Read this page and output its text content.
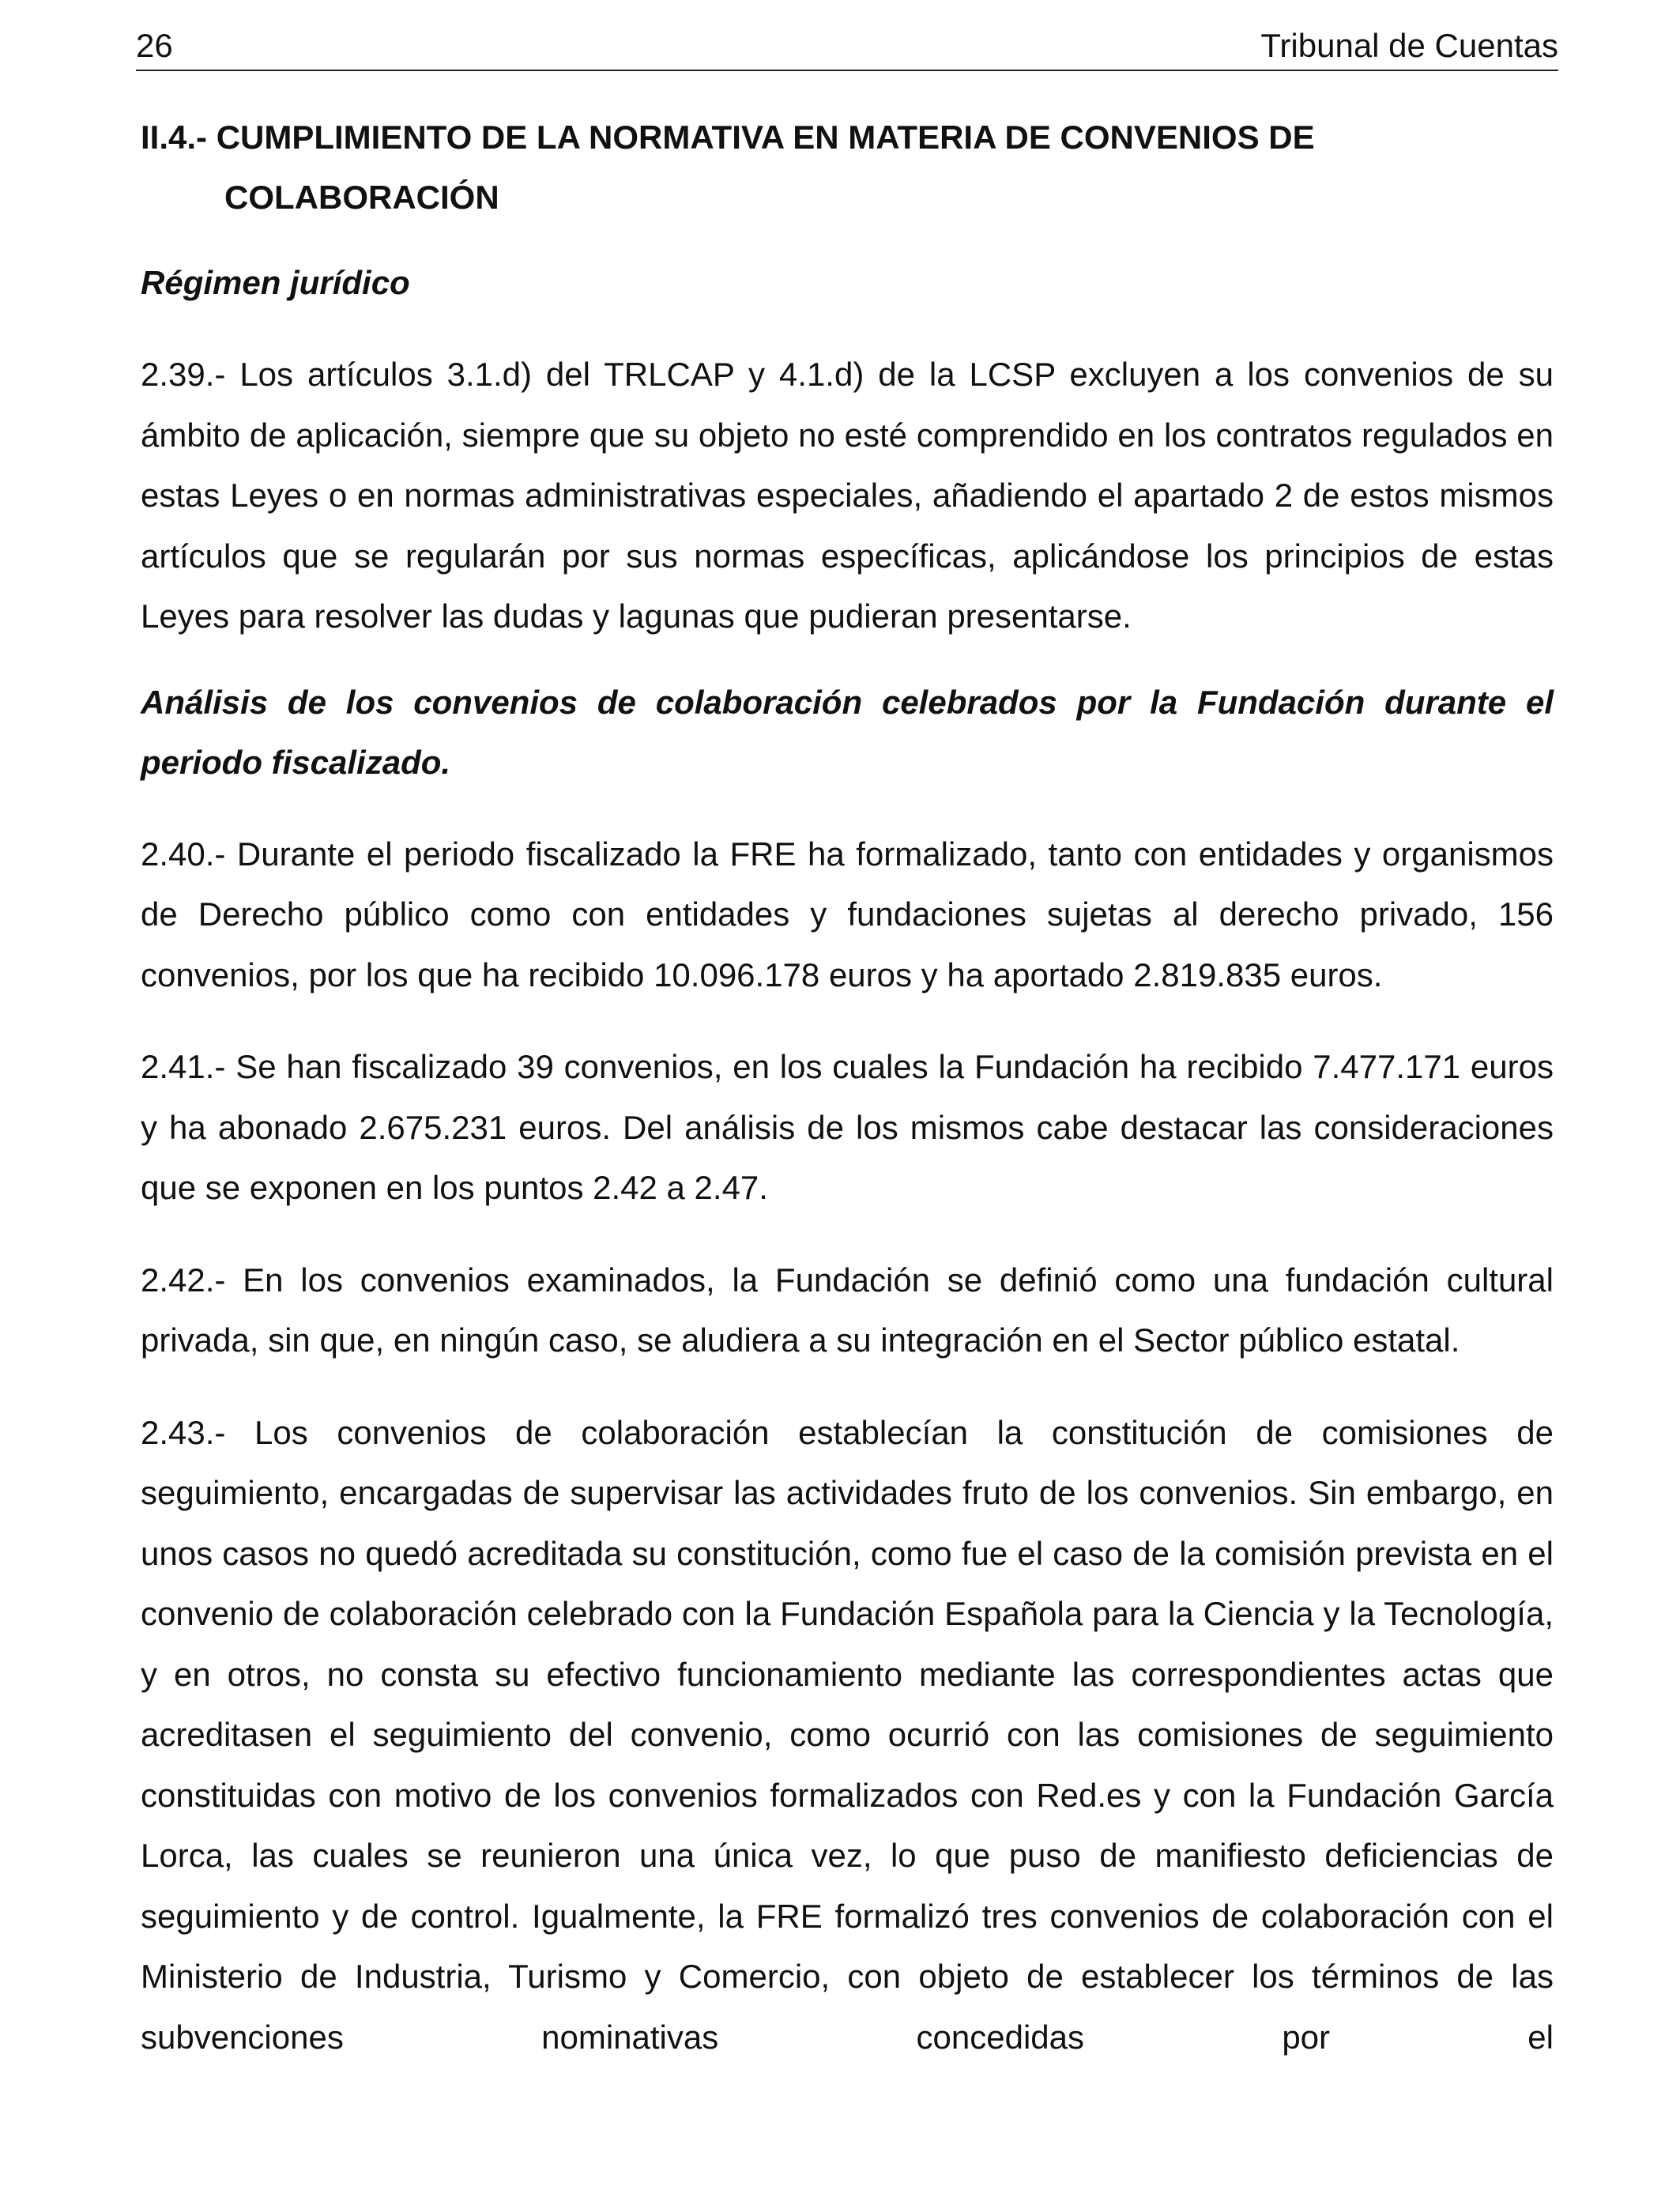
26	Tribunal de Cuentas
II.4.- CUMPLIMIENTO DE LA NORMATIVA EN MATERIA DE CONVENIOS DE COLABORACIÓN
Régimen jurídico

2.39.- Los artículos 3.1.d) del TRLCAP y 4.1.d) de la LCSP excluyen a los convenios de su ámbito de aplicación, siempre que su objeto no esté comprendido en los contratos regulados en estas Leyes o en normas administrativas especiales, añadiendo el apartado 2 de estos mismos artículos que se regularán por sus normas específicas, aplicándose los principios de estas Leyes para resolver las dudas y lagunas que pudieran presentarse.

Análisis de los convenios de colaboración celebrados por la Fundación durante el periodo fiscalizado.

2.40.- Durante el periodo fiscalizado la FRE ha formalizado, tanto con entidades y organismos de Derecho público como con entidades y fundaciones sujetas al derecho privado, 156 convenios, por los que ha recibido 10.096.178 euros y ha aportado 2.819.835 euros.

2.41.- Se han fiscalizado 39 convenios, en los cuales la Fundación ha recibido 7.477.171 euros y ha abonado 2.675.231 euros. Del análisis de los mismos cabe destacar las consideraciones que se exponen en los puntos 2.42 a 2.47.

2.42.- En los convenios examinados, la Fundación se definió como una fundación cultural privada, sin que, en ningún caso, se aludiera a su integración en el Sector público estatal.

2.43.- Los convenios de colaboración establecían la constitución de comisiones de seguimiento, encargadas de supervisar las actividades fruto de los convenios. Sin embargo, en unos casos no quedó acreditada su constitución, como fue el caso de la comisión prevista en el convenio de colaboración celebrado con la Fundación Española para la Ciencia y la Tecnología, y en otros, no consta su efectivo funcionamiento mediante las correspondientes actas que acreditasen el seguimiento del convenio, como ocurrió con las comisiones de seguimiento constituidas con motivo de los convenios formalizados con Red.es y con la Fundación García Lorca, las cuales se reunieron una única vez, lo que puso de manifiesto deficiencias de seguimiento y de control. Igualmente, la FRE formalizó tres convenios de colaboración con el Ministerio de Industria, Turismo y Comercio, con objeto de establecer los términos de las subvenciones nominativas concedidas por el
